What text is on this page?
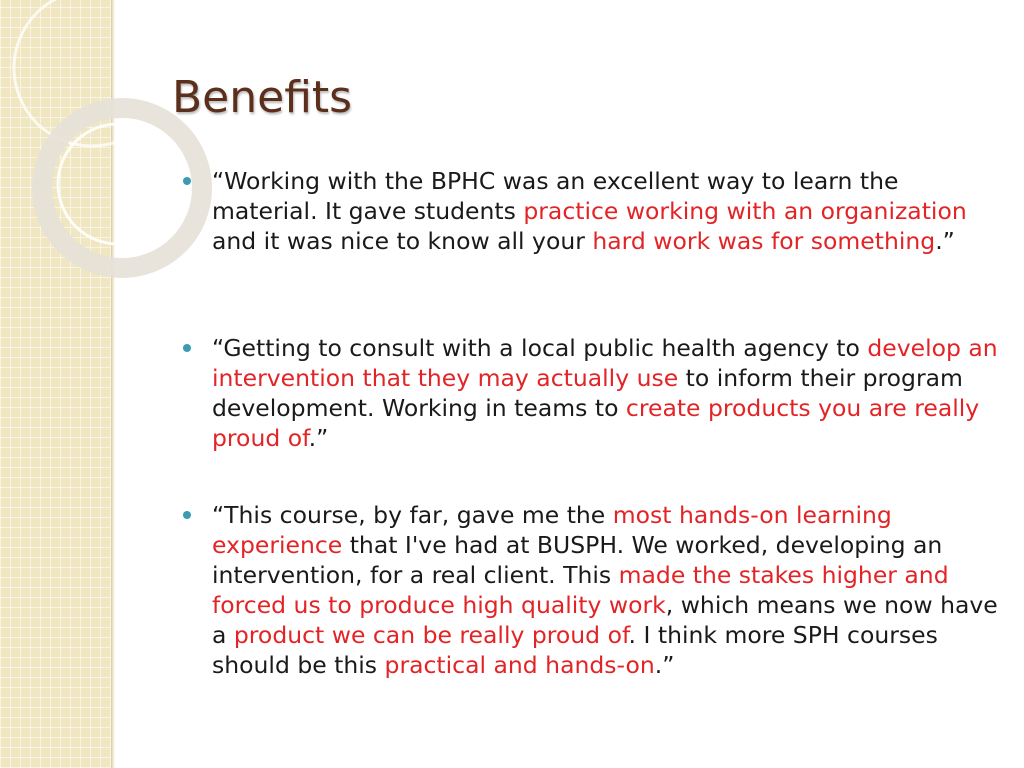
Benefits
“Working with the BPHC was an excellent way to learn the material. It gave students practice working with an organization and it was nice to know all your hard work was for something.”
“Getting to consult with a local public health agency to develop an intervention that they may actually use to inform their program development. Working in teams to create products you are really proud of.”
“This course, by far, gave me the most hands-on learning experience that I've had at BUSPH. We worked, developing an intervention, for a real client. This made the stakes higher and forced us to produce high quality work, which means we now have a product we can be really proud of. I think more SPH courses should be this practical and hands-on.”
